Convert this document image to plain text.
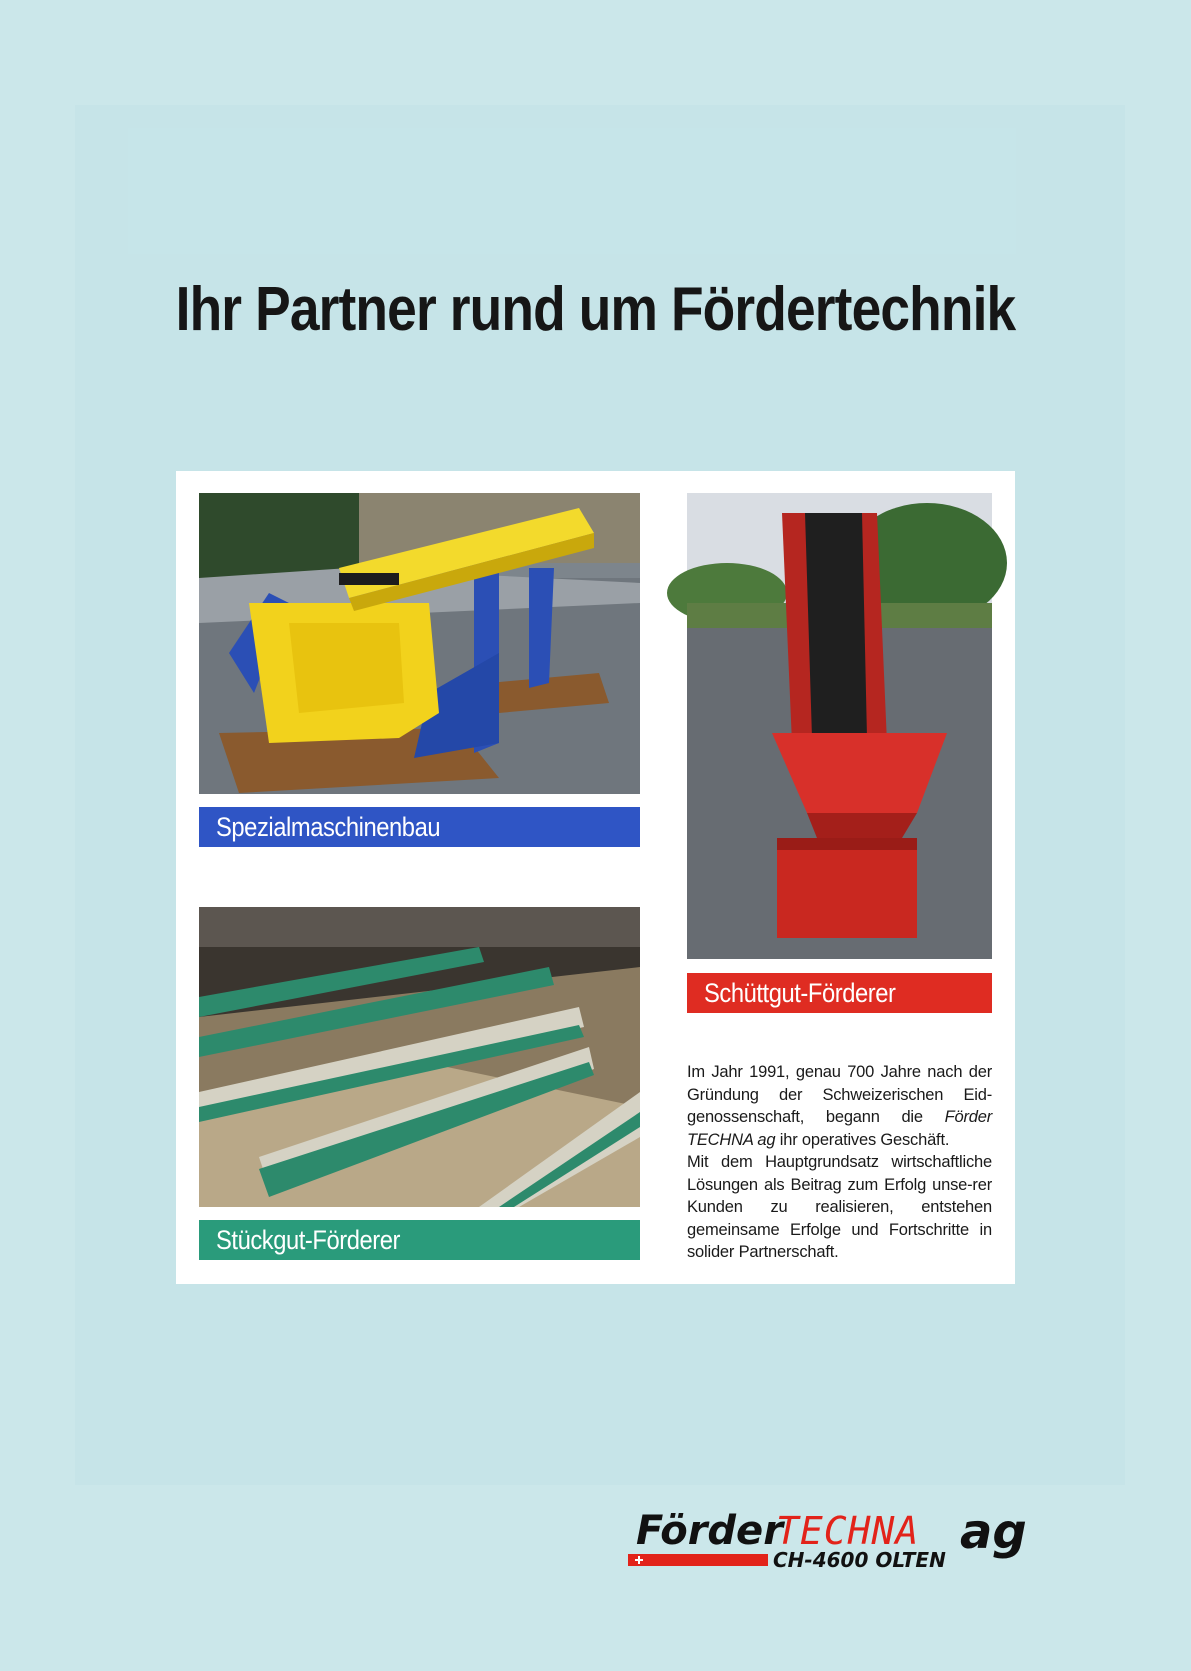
Ihr Partner rund um Fördertechnik
Spezialmaschinenbau
Schüttgut-Förderer
Stückgut-Förderer

Im Jahr 1991, genau 700 Jahre nach der Gründung der Schweizerischen Eid-genossenschaft, begann die Förder TECHNA ag ihr operatives Geschäft.

Mit dem Hauptgrundsatz wirtschaftliche Lösungen als Beitrag zum Erfolg unse-rer Kunden zu realisieren, entstehen gemeinsame Erfolge und Fortschritte in solider Partnerschaft.

Förder
TECHNA ag
CH-4600 OLTEN
